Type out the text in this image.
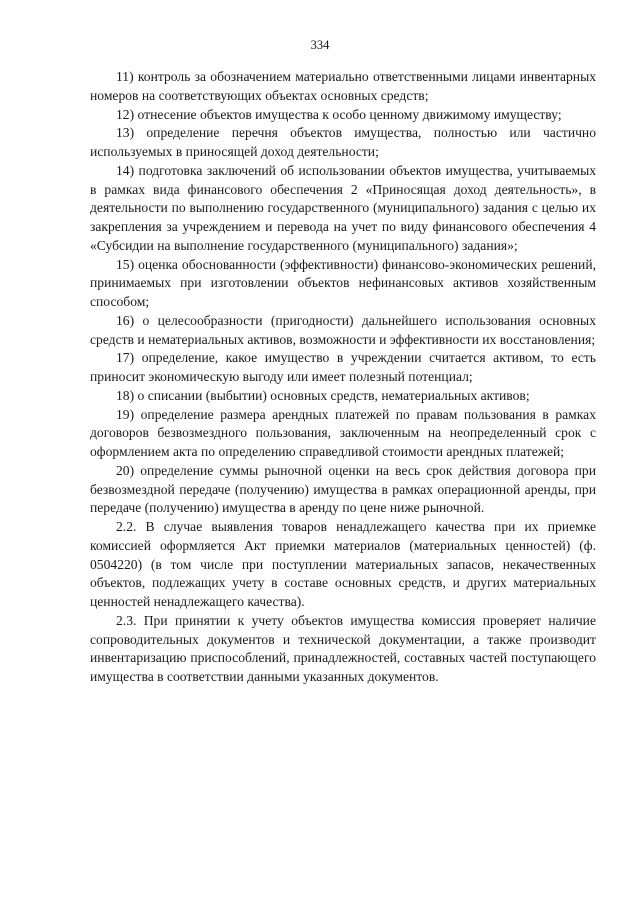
334

11) контроль за обозначением материально ответственными лицами инвентарных номеров на соответствующих объектах основных средств;

12) отнесение объектов имущества к особо ценному движимому имуществу;

13) определение перечня объектов имущества, полностью или частично используемых в приносящей доход деятельности;

14) подготовка заключений об использовании объектов имущества, учитываемых в рамках вида финансового обеспечения 2 «Приносящая доход деятельность», в деятельности по выполнению государственного (муниципального) задания с целью их закрепления за учреждением и перевода на учет по виду финансового обеспечения 4 «Субсидии на выполнение государственного (муниципального) задания»;

15) оценка обоснованности (эффективности) финансово-экономических решений, принимаемых при изготовлении объектов нефинансовых активов хозяйственным способом;

16) о целесообразности (пригодности) дальнейшего использования основных средств и нематериальных активов, возможности и эффективности их восстановления;

17) определение, какое имущество в учреждении считается активом, то есть приносит экономическую выгоду или имеет полезный потенциал;

18) о списании (выбытии) основных средств, нематериальных активов;

19) определение размера арендных платежей по правам пользования в рамках договоров безвозмездного пользования, заключенным на неопределенный срок с оформлением акта по определению справедливой стоимости арендных платежей;

20) определение суммы рыночной оценки на весь срок действия договора при безвозмездной передаче (получению) имущества в рамках операционной аренды, при передаче (получению) имущества в аренду по цене ниже рыночной.

2.2. В случае выявления товаров ненадлежащего качества при их приемке комиссией оформляется Акт приемки материалов (материальных ценностей) (ф. 0504220) (в том числе при поступлении материальных запасов, некачественных объектов, подлежащих учету в составе основных средств, и других материальных ценностей ненадлежащего качества).

2.3. При принятии к учету объектов имущества комиссия проверяет наличие сопроводительных документов и технической документации, а также производит инвентаризацию приспособлений, принадлежностей, составных частей поступающего имущества в соответствии данными указанных документов.
